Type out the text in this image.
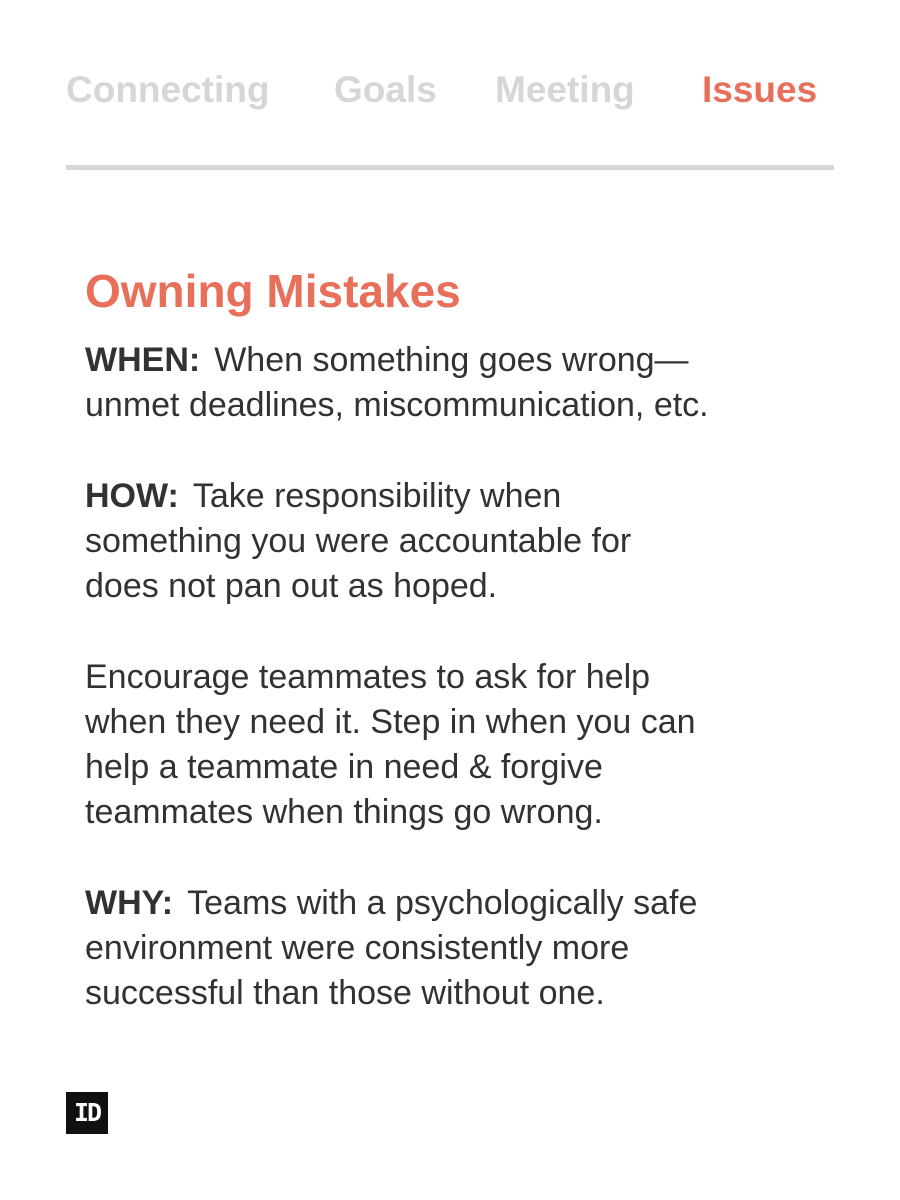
Connecting Goals Meeting Issues
Owning Mistakes

WHEN: When something goes wrong—
unmet deadlines, miscommunication, etc.

HOW: Take responsibility when
something you were accountable for
does not pan out as hoped.

Encourage teammates to ask for help
when they need it. Step in when you can
help a teammate in need & forgive
teammates when things go wrong.

WHY: Teams with a psychologically safe
environment were consistently more
successful than those without one.

ID
